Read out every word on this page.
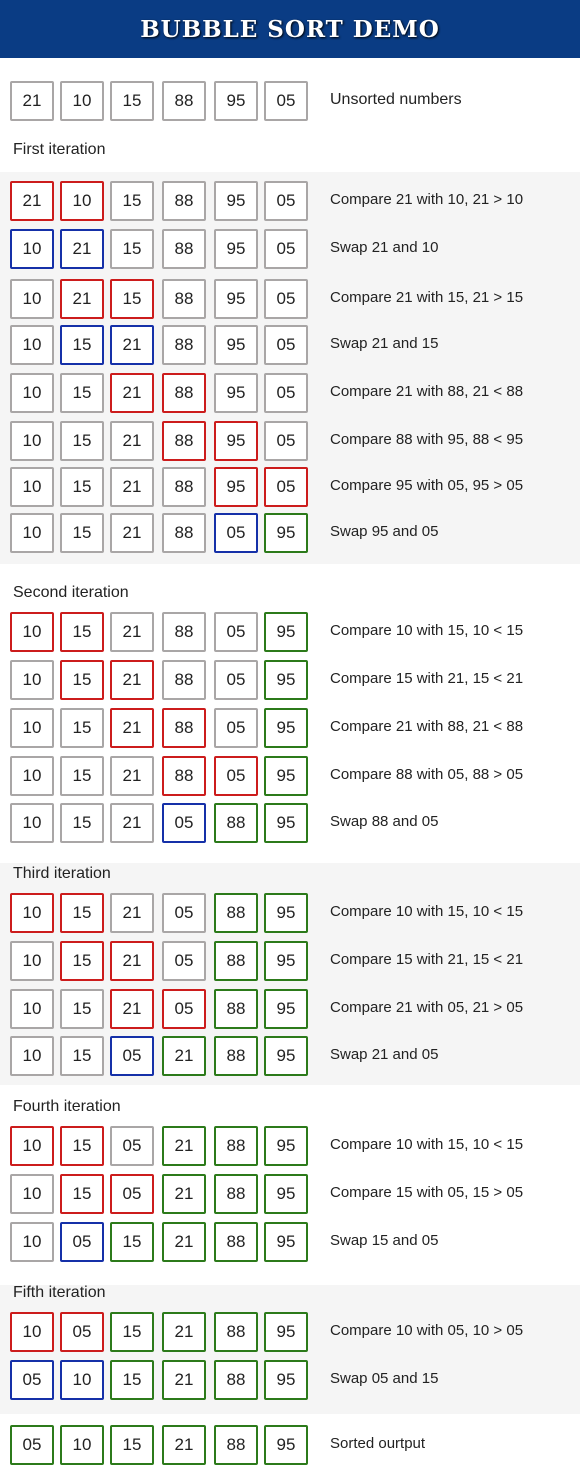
BUBBLE SORT DEMO
21	10	15	88	95	05	Unsorted numbers
First iteration
21	10	15	88	95	05	Compare 21 with 10, 21 > 10
10	21	15	88	95	05	Swap 21 and 10
10	21	15	88	95	05	Compare 21 with 15, 21 > 15
10	15	21	88	95	05	Swap 21 and 15
10	15	21	88	95	05	Compare 21 with 88, 21 < 88
10	15	21	88	95	05	Compare 88 with 95, 88 < 95
10	15	21	88	95	05	Compare 95 with 05, 95 > 05
10	15	21	88	05	95	Swap 95 and 05
Second iteration
10	15	21	88	05	95	Compare 10 with 15, 10 < 15
10	15	21	88	05	95	Compare 15 with 21, 15 < 21
10	15	21	88	05	95	Compare 21 with 88, 21 < 88
10	15	21	88	05	95	Compare 88 with 05, 88 > 05
10	15	21	05	88	95	Swap 88 and 05
Third iteration
10	15	21	05	88	95	Compare 10 with 15, 10 < 15
10	15	21	05	88	95	Compare 15 with 21, 15 < 21
10	15	21	05	88	95	Compare 21 with 05, 21 > 05
10	15	05	21	88	95	Swap 21 and 05
Fourth iteration
10	15	05	21	88	95	Compare 10 with 15, 10 < 15
10	15	05	21	88	95	Compare 15 with 05, 15 > 05
10	05	15	21	88	95	Swap 15 and 05
Fifth iteration
10	05	15	21	88	95	Compare 10 with 05, 10 > 05
05	10	15	21	88	95	Swap 05 and 15
05	10	15	21	88	95	Sorted ourtput
